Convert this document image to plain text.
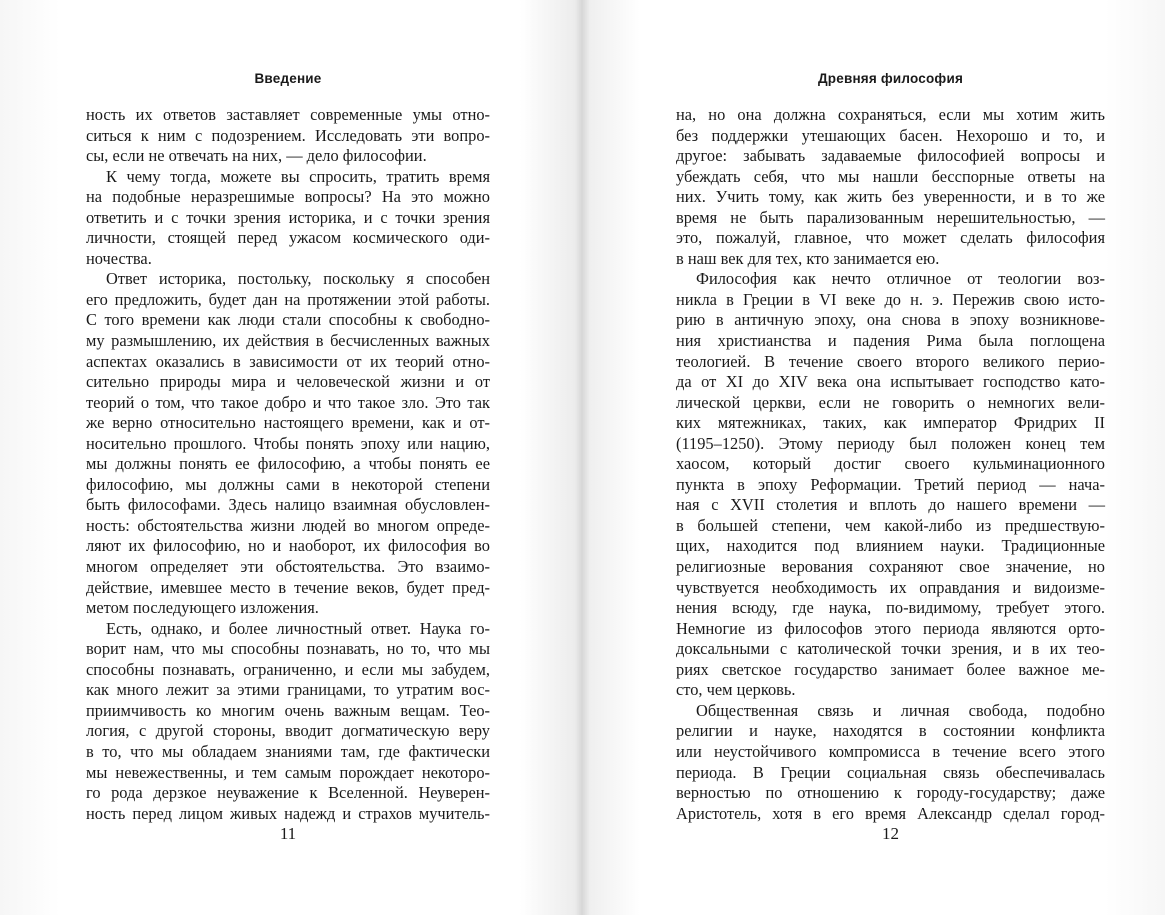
Введение
ность их ответов заставляет современные умы отно-
ситься к ним с подозрением. Исследовать эти вопро-
сы, если не отвечать на них, — дело философии.
К чему тогда, можете вы спросить, тратить время
на подобные неразрешимые вопросы? На это можно
ответить и с точки зрения историка, и с точки зрения
личности, стоящей перед ужасом космического оди-
ночества.
Ответ историка, постольку, поскольку я способен
его предложить, будет дан на протяжении этой работы.
С того времени как люди стали способны к свободно-
му размышлению, их действия в бесчисленных важных
аспектах оказались в зависимости от их теорий отно-
сительно природы мира и человеческой жизни и от
теорий о том, что такое добро и что такое зло. Это так
же верно относительно настоящего времени, как и от-
носительно прошлого. Чтобы понять эпоху или нацию,
мы должны понять ее философию, а чтобы понять ее
философию, мы должны сами в некоторой степени
быть философами. Здесь налицо взаимная обусловлен-
ность: обстоятельства жизни людей во многом опреде-
ляют их философию, но и наоборот, их философия во
многом определяет эти обстоятельства. Это взаимо-
действие, имевшее место в течение веков, будет пред-
метом последующего изложения.
Есть, однако, и более личностный ответ. Наука го-
ворит нам, что мы способны познавать, но то, что мы
способны познавать, ограниченно, и если мы забудем,
как много лежит за этими границами, то утратим вос-
приимчивость ко многим очень важным вещам. Тео-
логия, с другой стороны, вводит догматическую веру
в то, что мы обладаем знаниями там, где фактически
мы невежественны, и тем самым порождает некоторо-
го рода дерзкое неуважение к Вселенной. Неуверен-
ность перед лицом живых надежд и страхов мучитель-
11
Древняя философия
на, но она должна сохраняться, если мы хотим жить
без поддержки утешающих басен. Нехорошо и то, и
другое: забывать задаваемые философией вопросы и
убеждать себя, что мы нашли бесспорные ответы на
них. Учить тому, как жить без уверенности, и в то же
время не быть парализованным нерешительностью, —
это, пожалуй, главное, что может сделать философия
в наш век для тех, кто занимается ею.
Философия как нечто отличное от теологии воз-
никла в Греции в VI веке до н. э. Пережив свою исто-
рию в античную эпоху, она снова в эпоху возникнове-
ния христианства и падения Рима была поглощена
теологией. В течение своего второго великого перио-
да от XI до XIV века она испытывает господство като-
лической церкви, если не говорить о немногих вели-
ких мятежниках, таких, как император Фридрих II
(1195–1250). Этому периоду был положен конец тем
хаосом, который достиг своего кульминационного
пункта в эпоху Реформации. Третий период — нача-
ная с XVII столетия и вплоть до нашего времени —
в большей степени, чем какой-либо из предшествую-
щих, находится под влиянием науки. Традиционные
религиозные верования сохраняют свое значение, но
чувствуется необходимость их оправдания и видоизме-
нения всюду, где наука, по-видимому, требует этого.
Немногие из философов этого периода являются орто-
доксальными с католической точки зрения, и в их тео-
риях светское государство занимает более важное ме-
сто, чем церковь.
Общественная связь и личная свобода, подобно
религии и науке, находятся в состоянии конфликта
или неустойчивого компромисса в течение всего этого
периода. В Греции социальная связь обеспечивалась
верностью по отношению к городу-государству; даже
Аристотель, хотя в его время Александр сделал город-
12
